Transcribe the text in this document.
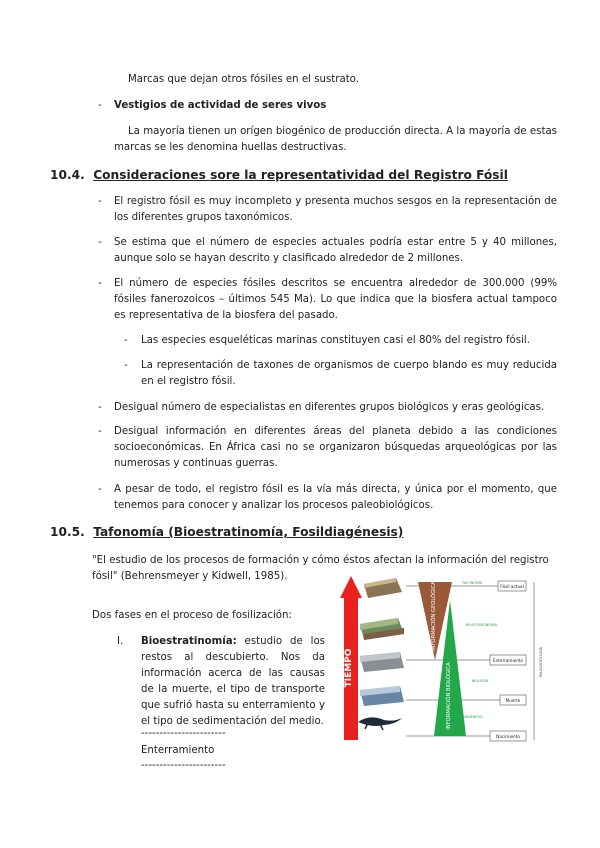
Marcas que dejan otros fósiles en el sustrato.
- Vestigios de actividad de seres vivos
La mayoría tienen un orígen biogénico de producción directa. A la mayoría de estas marcas se les denomina huellas destructivas.
10.4. Consideraciones sore la representatividad del Registro Fósil
- El registro fósil es muy incompleto y presenta muchos sesgos en la representación de los diferentes grupos taxonómicos.
- Se estima que el número de especies actuales podría estar entre 5 y 40 millones, aunque solo se hayan descrito y clasificado alrededor de 2 millones.
- El número de especies fósiles descritos se encuentra alrededor de 300.000 (99% fósiles fanerozoicos – últimos 545 Ma). Lo que indica que la biosfera actual tampoco es representativa de la biosfera del pasado.
- Las especies esqueléticas marinas constituyen casi el 80% del registro fósil.
- La representación de taxones de organismos de cuerpo blando es muy reducida en el registro fósil.
- Desigual número de especialistas en diferentes grupos biológicos y eras geológicas.
- Desigual información en diferentes áreas del planeta debido a las condiciones socioeconómicas. En África casi no se organizaron búsquedas arqueológicas por las numerosas y continuas guerras.
- A pesar de todo, el registro fósil es la vía más directa, y única por el momento, que tenemos para conocer y analizar los procesos paleobiológicos.
10.5. Tafonomía (Bioestratinomía, Fosildiagénesis)
"El estudio de los procesos de formación y cómo éstos afectan la información del registro fósil" (Behrensmeyer y Kidwell, 1985).
Dos fases en el proceso de fosilización:
I. Bioestratinomía: estudio de los restos al descubierto. Nos da información acerca de las causas de la muerte, el tipo de transporte que sufrió hasta su enterramiento y el tipo de sedimentación del medio.
-----------------------
Enterramiento
-----------------------
TIEMPO
INFORMACIÓN GEOLÓGICA
INFORMACIÓN BIOLÓGICA
TAFONOMÍA
BIOESTRATINOMÍA
BIOLOGÍA
DIAGÉNESIS
Fósil actual
Enterramiento
Muerte
Nacimiento
PALEONTOLOGÍA
